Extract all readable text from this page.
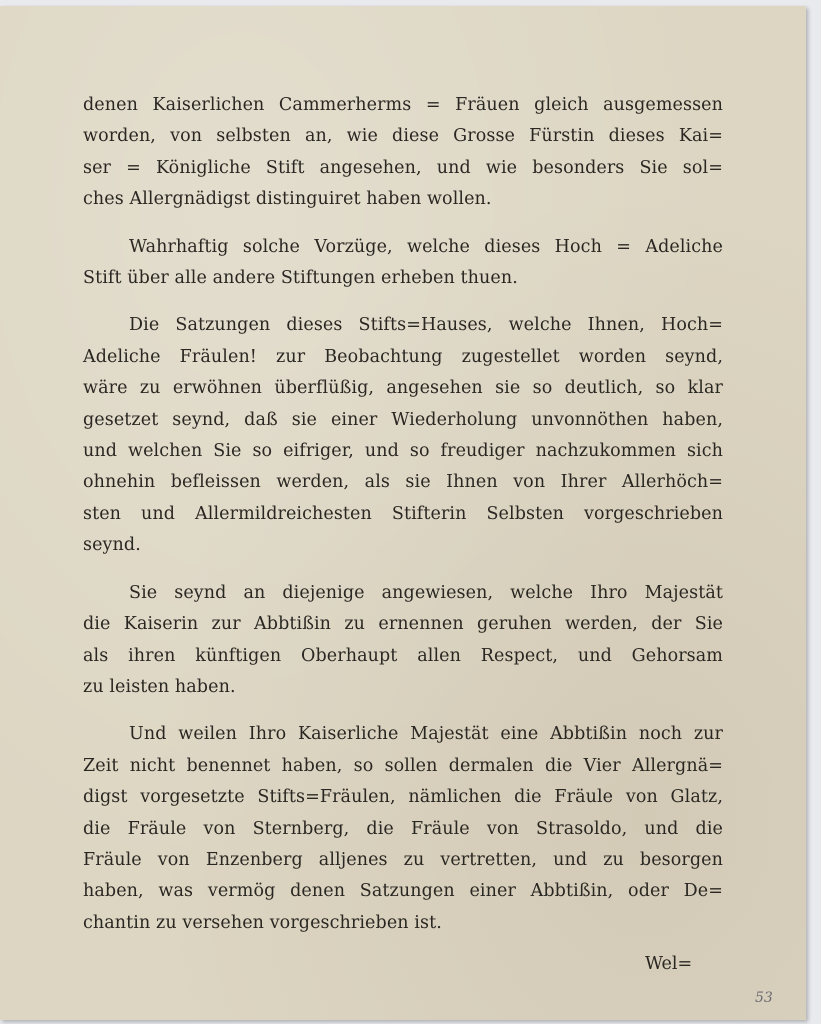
denen Kaiserlichen Cammerherms = Fräuen gleich ausgemessen
worden, von selbsten an, wie diese Grosse Fürstin dieses Kai=
ser = Königliche Stift angesehen, und wie besonders Sie sol=
ches Allergnädigst distinguiret haben wollen.
Wahrhaftig solche Vorzüge, welche dieses Hoch = Adeliche
Stift über alle andere Stiftungen erheben thuen.
Die Satzungen dieses Stifts=Hauses, welche Ihnen, Hoch=
Adeliche Fräulen! zur Beobachtung zugestellet worden seynd,
wäre zu erwöhnen überflüßig, angesehen sie so deutlich, so klar
gesetzet seynd, daß sie einer Wiederholung unvonnöthen haben,
und welchen Sie so eifriger, und so freudiger nachzukommen sich
ohnehin befleissen werden, als sie Ihnen von Ihrer Allerhöch=
sten und Allermildreichesten Stifterin Selbsten vorgeschrieben
seynd.
Sie seynd an diejenige angewiesen, welche Ihro Majestät
die Kaiserin zur Abbtißin zu ernennen geruhen werden, der Sie
als ihren künftigen Oberhaupt allen Respect, und Gehorsam
zu leisten haben.
Und weilen Ihro Kaiserliche Majestät eine Abbtißin noch zur
Zeit nicht benennet haben, so sollen dermalen die Vier Allergnä=
digst vorgesetzte Stifts=Fräulen, nämlichen die Fräule von Glatz,
die Fräule von Sternberg, die Fräule von Strasoldo, und die
Fräule von Enzenberg alljenes zu vertretten, und zu besorgen
haben, was vermög denen Satzungen einer Abbtißin, oder De=
chantin zu versehen vorgeschrieben ist.
Wel=
53
